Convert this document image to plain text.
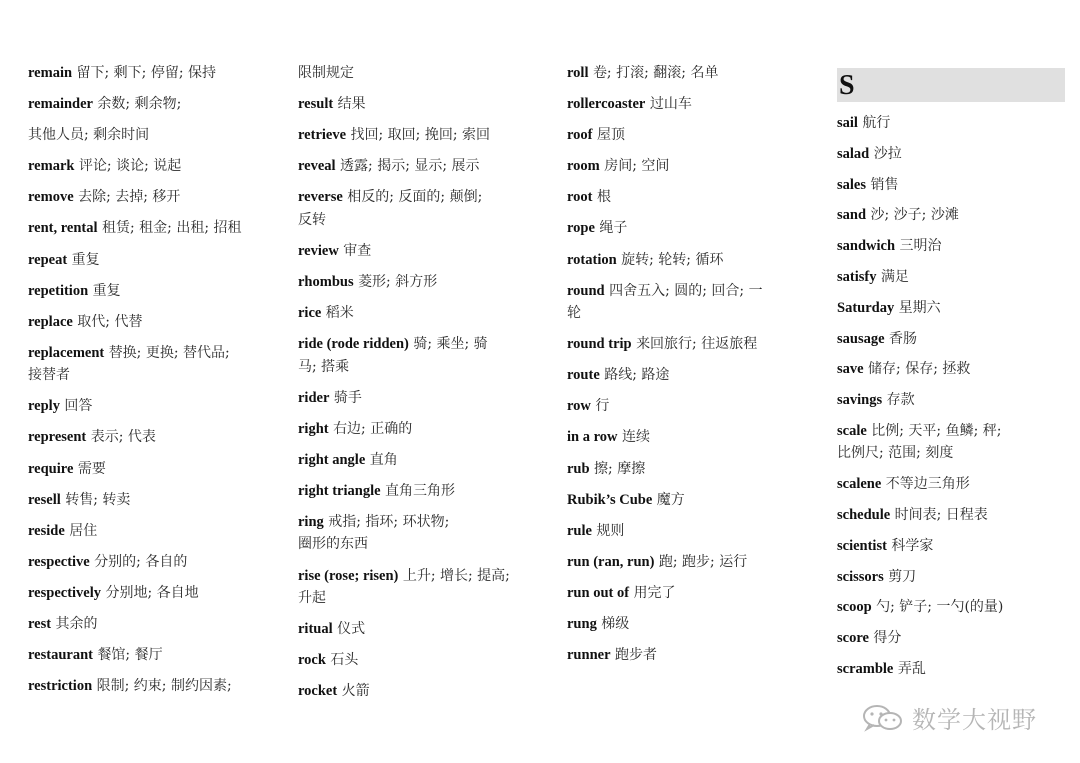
remain 留下; 剩下; 停留; 保持
remainder 余数; 剩余物;
其他人员; 剩余时间
remark 评论; 谈论; 说起
remove 去除; 去掉; 移开
rent, rental 租赁; 租金; 出租; 招租
repeat 重复
repetition 重复
replace 取代; 代替
replacement 替换; 更换; 替代品;
接替者
reply 回答
represent 表示; 代表
require 需要
resell 转售; 转卖
reside 居住
respective 分别的; 各自的
respectively 分别地; 各自地
rest 其余的
restaurant 餐馆; 餐厅
restriction 限制; 约束; 制约因素;
限制规定
result 结果
retrieve 找回; 取回; 挽回; 索回
reveal 透露; 揭示; 显示; 展示
reverse 相反的; 反面的; 颠倒;
反转
review 审查
rhombus 菱形; 斜方形
rice 稻米
ride (rode ridden) 骑; 乘坐; 骑
马; 搭乘
rider 骑手
right 右边; 正确的
right angle 直角
right triangle 直角三角形
ring 戒指; 指环; 环状物;
圈形的东西
rise (rose; risen) 上升; 增长; 提高;
升起
ritual 仪式
rock 石头
rocket 火箭
roll 卷; 打滚; 翻滚; 名单
rollercoaster 过山车
roof 屋顶
room 房间; 空间
root 根
rope 绳子
rotation 旋转; 轮转; 循环
round 四舍五入; 圆的; 回合; 一
轮
round trip 来回旅行; 往返旅程
route 路线; 路途
row 行
in a row 连续
rub 擦; 摩擦
Rubik’s Cube 魔方
rule 规则
run (ran, run) 跑; 跑步; 运行
run out of 用完了
rung 梯级
runner 跑步者
S
sail 航行
salad 沙拉
sales 销售
sand 沙; 沙子; 沙滩
sandwich 三明治
satisfy 满足
Saturday 星期六
sausage 香肠
save 储存; 保存; 拯救
savings 存款
scale 比例; 天平; 鱼鳞; 秤;
比例尺; 范围; 刻度
scalene 不等边三角形
schedule 时间表; 日程表
scientist 科学家
scissors 剪刀
scoop 勺; 铲子; 一勺(的量)
score 得分
scramble 弄乱
数学大视野
